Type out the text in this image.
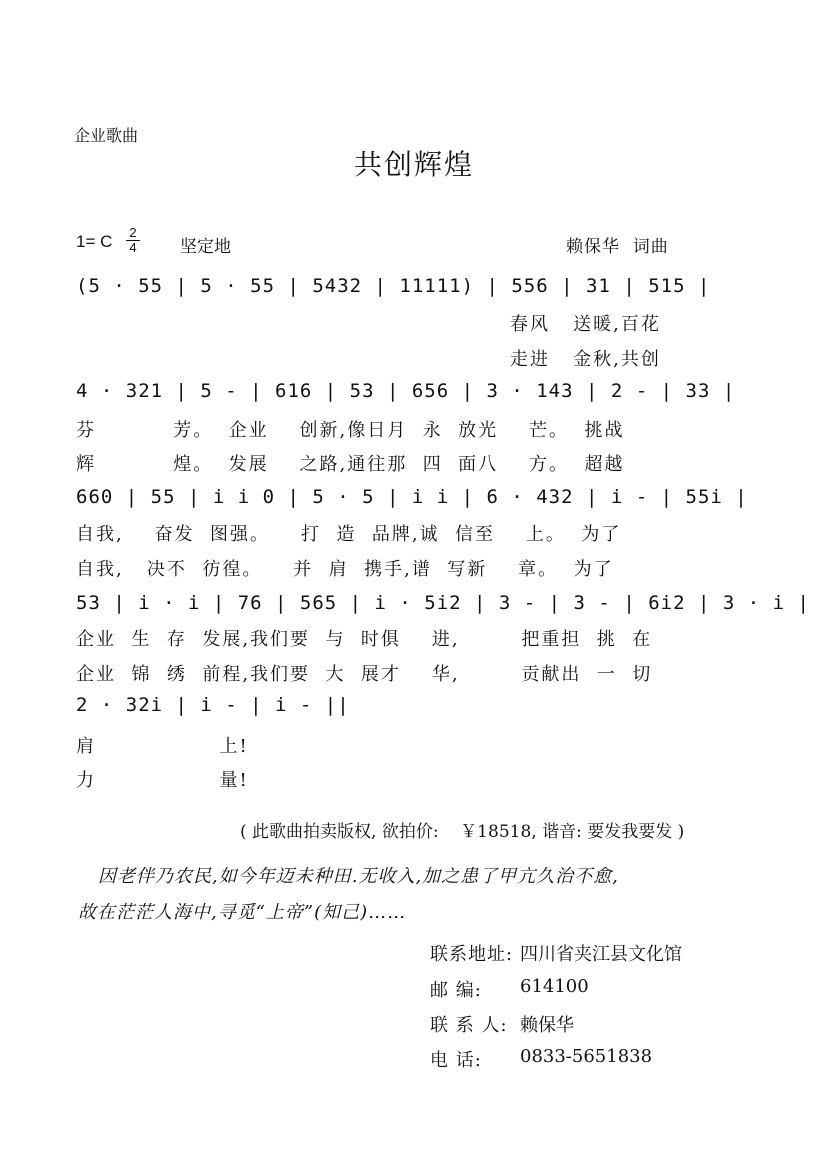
企业歌曲
共创辉煌
1= C 2
4	坚定地	赖保华  词曲
(5 · 55 | 5 · 55 | 5432 | 11111) | 556 | 31 | 515 |
春风   送暖,百花
走进   金秋,共创
4 · 321 | 5 - | 616 | 53 | 656 | 3 · 143 | 2 - | 33 |
芬          芳。  企业    创新,像日月  永  放光    芒。  挑战
辉          煌。  发展    之路,通往那  四  面八    方。  超越
660 | 55 | i i 0 | 5 · 5 | i i | 6 · 432 | i - | 55i |
自我,    奋发  图强。    打  造  品牌,诚  信至    上。  为了
自我,   决不  彷徨。    并  肩  携手,谱  写新    章。  为了
53 | i · i | 76 | 565 | i · 5i2 | 3 - | 3 - | 6i2 | 3 · i |
企业  生  存  发展,我们要  与  时俱    进,        把重担  挑  在
企业  锦  绣  前程,我们要  大  展才    华,        贡献出  一  切
2 · 32i | i - | i - ||
肩                上!
力                量!
( 此歌曲拍卖版权, 欲拍价:    ￥18518, 谐音: 要发我要发 )
因老伴乃农民,如今年迈未种田.无收入,加之患了甲亢久治不愈,
故在茫茫人海中,寻觅“上帝”(知己)……
联系地址: 四川省夹江县文化馆
邮 编: 614100
联 系 人: 赖保华
电 话: 0833-5651838
